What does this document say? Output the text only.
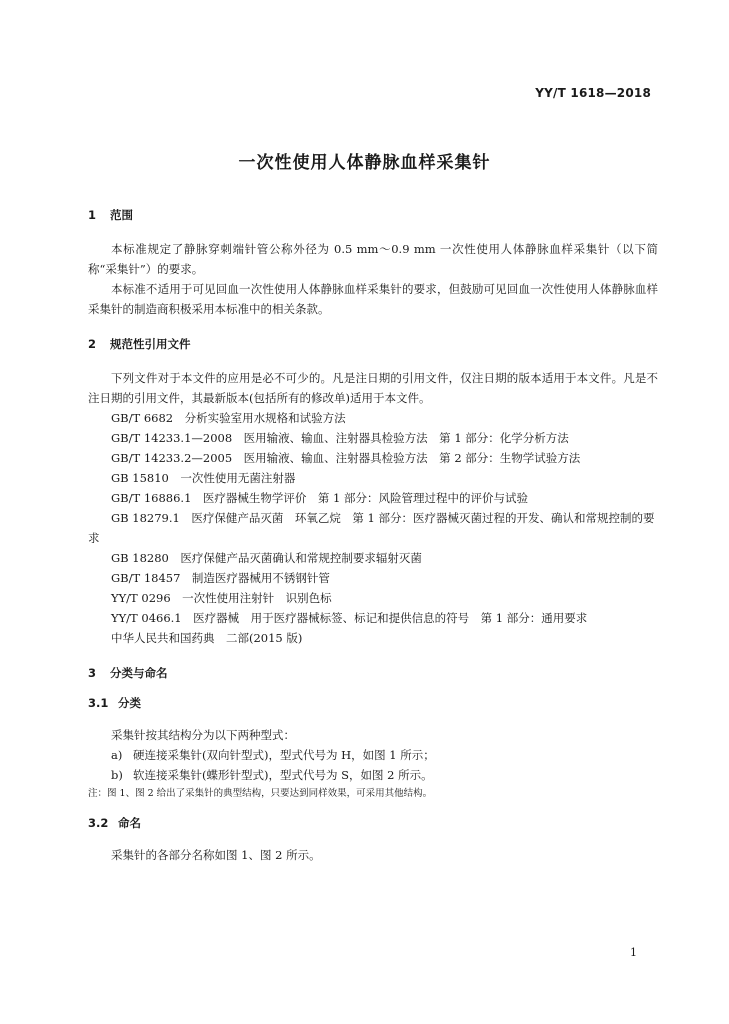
YY/T 1618—2018
一次性使用人体静脉血样采集针
1 范围

本标准规定了静脉穿刺端针管公称外径为 0.5 mm～0.9 mm 一次性使用人体静脉血样采集针（以下简称“采集针”）的要求。

本标准不适用于可见回血一次性使用人体静脉血样采集针的要求，但鼓励可见回血一次性使用人体静脉血样采集针的制造商积极采用本标准中的相关条款。

2 规范性引用文件

下列文件对于本文件的应用是必不可少的。凡是注日期的引用文件，仅注日期的版本适用于本文件。凡是不注日期的引用文件，其最新版本(包括所有的修改单)适用于本文件。

GB/T 6682　分析实验室用水规格和试验方法

GB/T 14233.1—2008　医用输液、输血、注射器具检验方法　第 1 部分：化学分析方法

GB/T 14233.2—2005　医用输液、输血、注射器具检验方法　第 2 部分：生物学试验方法

GB 15810　一次性使用无菌注射器

GB/T 16886.1　医疗器械生物学评价　第 1 部分：风险管理过程中的评价与试验

GB 18279.1　医疗保健产品灭菌　环氧乙烷　第 1 部分：医疗器械灭菌过程的开发、确认和常规控制的要求

GB 18280　医疗保健产品灭菌确认和常规控制要求辐射灭菌

GB/T 18457　制造医疗器械用不锈钢针管

YY/T 0296　一次性使用注射针　识别色标

YY/T 0466.1　医疗器械　用于医疗器械标签、标记和提供信息的符号　第 1 部分：通用要求

中华人民共和国药典　二部(2015 版)

3 分类与命名
3.1 分类

采集针按其结构分为以下两种型式：

a) 硬连接采集针(双向针型式)，型式代号为 H，如图 1 所示；

b) 软连接采集针(蝶形针型式)，型式代号为 S，如图 2 所示。

注：图 1、图 2 给出了采集针的典型结构，只要达到同样效果，可采用其他结构。

3.2 命名

采集针的各部分名称如图 1、图 2 所示。

1
